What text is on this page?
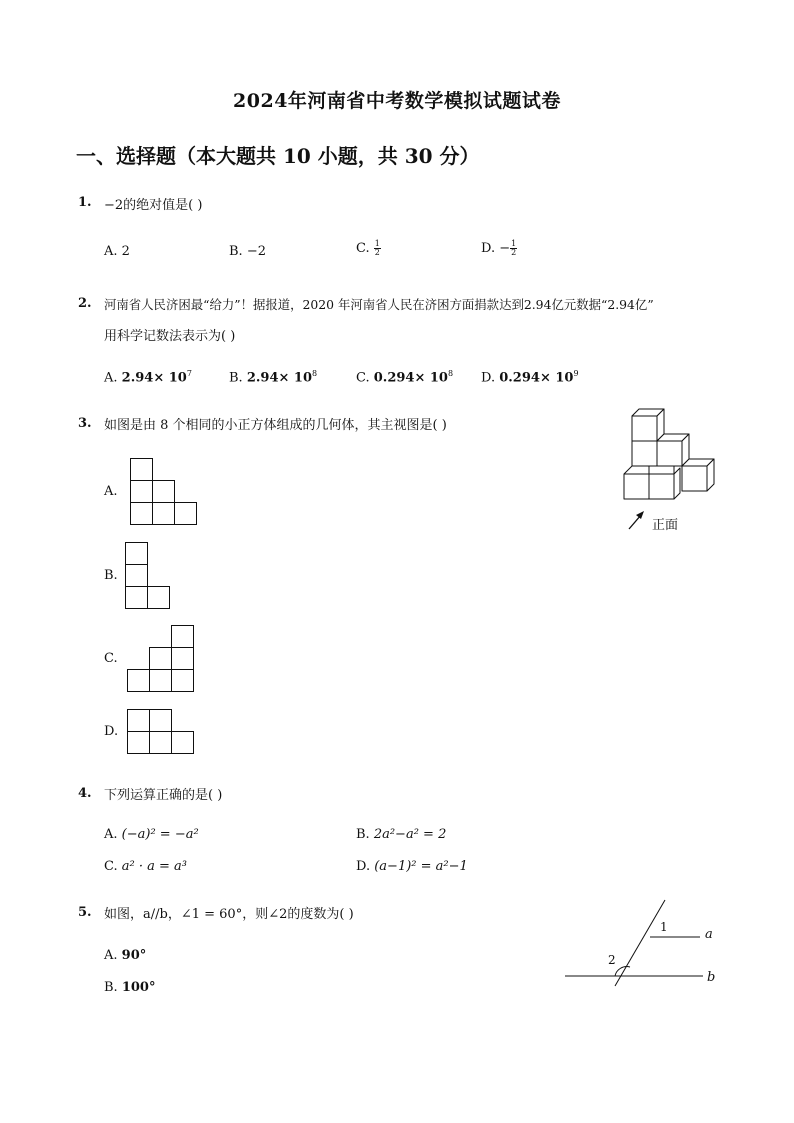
2024年河南省中考数学模拟试题试卷
一、选择题（本大题共 10 小题，共 30 分）
1. −2的绝对值是( )
A. 2	B. −2	C. $\frac{1}{2}$	D. − $\frac{1}{2}$
2. 河南省人民济困最“给力”！据报道，2020 年河南省人民在济困方面捐款达到2.94亿元数据“2.94亿”
用科学记数法表示为( )
A. $2.94\times 10^7$	B. $2.94\times 10^8$	C. $0.294\times 10^8$ D. $0.294\times 10^9$
3. 如图是由 8 个相同的小正方体组成的几何体，其主视图是( )
正面
A.
B.
C.
D.
4. 下列运算正确的是( )
A. (−a)² = −a²	B. 2a²−a² = 2
C. a² · a = a³	D. (a−1)² = a²−1
5. 如图，a//b，∠1 = 60°，则∠2的度数为( )
A. 90°
B. 100°
1
2
a
b
